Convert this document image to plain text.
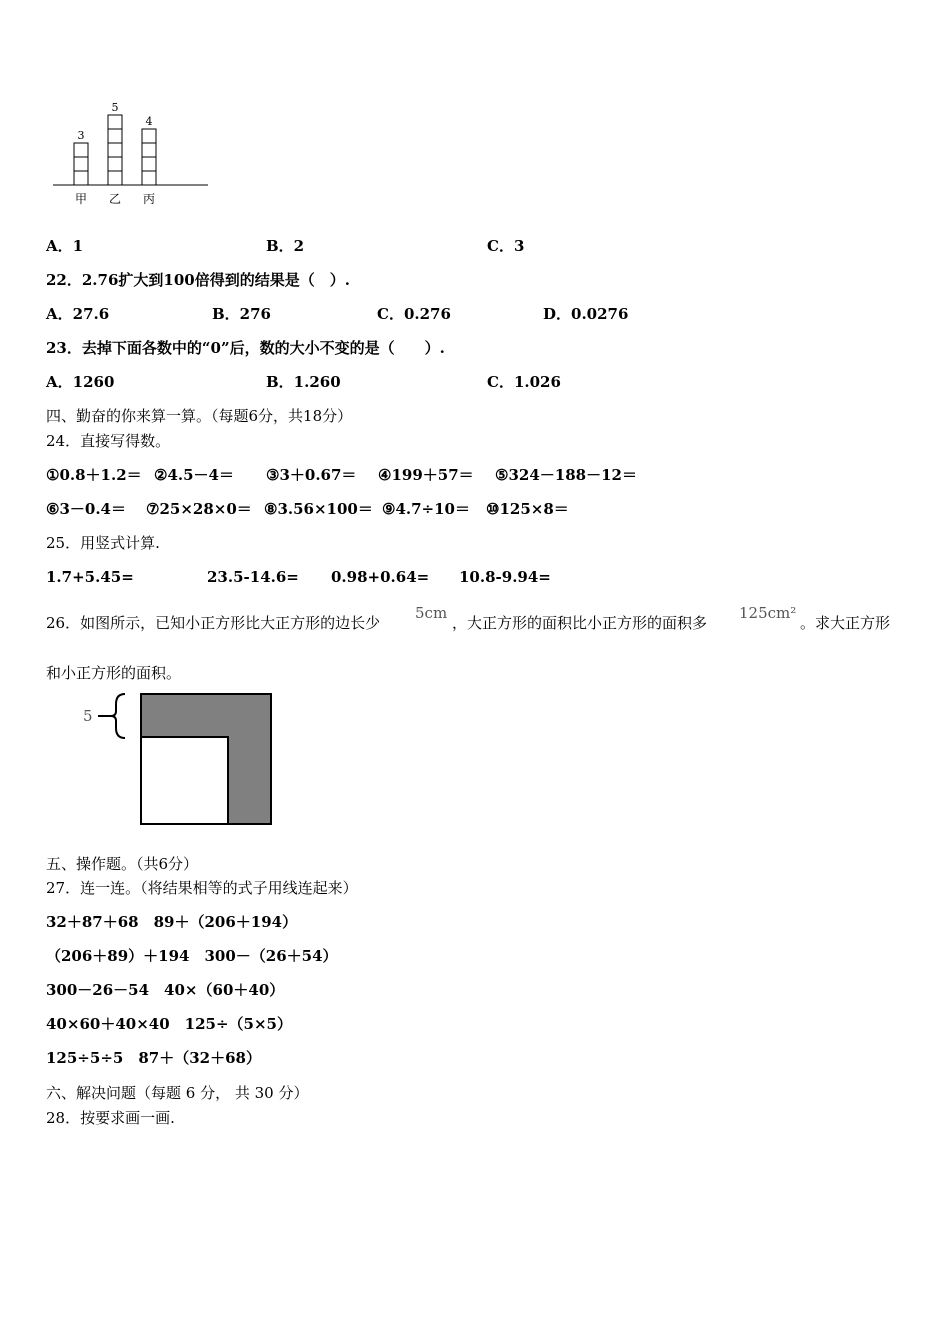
3
甲
5
乙
4
丙
A．1	B．2	C．3
22．2.76扩大到100倍得到的结果是（　）.
A．27.6	B．276	C．0.276	D．0.0276
23．去掉下面各数中的“0”后，数的大小不变的是（　　）.
A．1260	B．1.260	C．1.026
四、勤奋的你来算一算。（每题6分，共18分）
24．直接写得数。
①0.8＋1.2＝ ②4.5－4＝ ③3＋0.67＝ ④199＋57＝ ⑤324－188－12＝
⑥3－0.4＝ ⑦25×28×0＝ ⑧3.56×100＝ ⑨4.7÷10＝ ⑩125×8＝
25．用竖式计算.
1.7+5.45=	23.5-14.6= 0.98+0.64= 10.8-9.94=
26．如图所示，已知小正方形比大正方形的边长少
5cm
，大正方形的面积比小正方形的面积多
125cm²
。求大正方形
和小正方形的面积。
5
五、操作题。（共6分）
27．连一连。（将结果相等的式子用线连起来）
32＋87＋68　89＋（206＋194）
（206＋89）＋194　300－（26＋54）
300－26－54　40×（60＋40）
40×60＋40×40　125÷（5×5）
125÷5÷5　87＋（32＋68）
六、解决问题（每题 6 分， 共 30 分）
28．按要求画一画.
